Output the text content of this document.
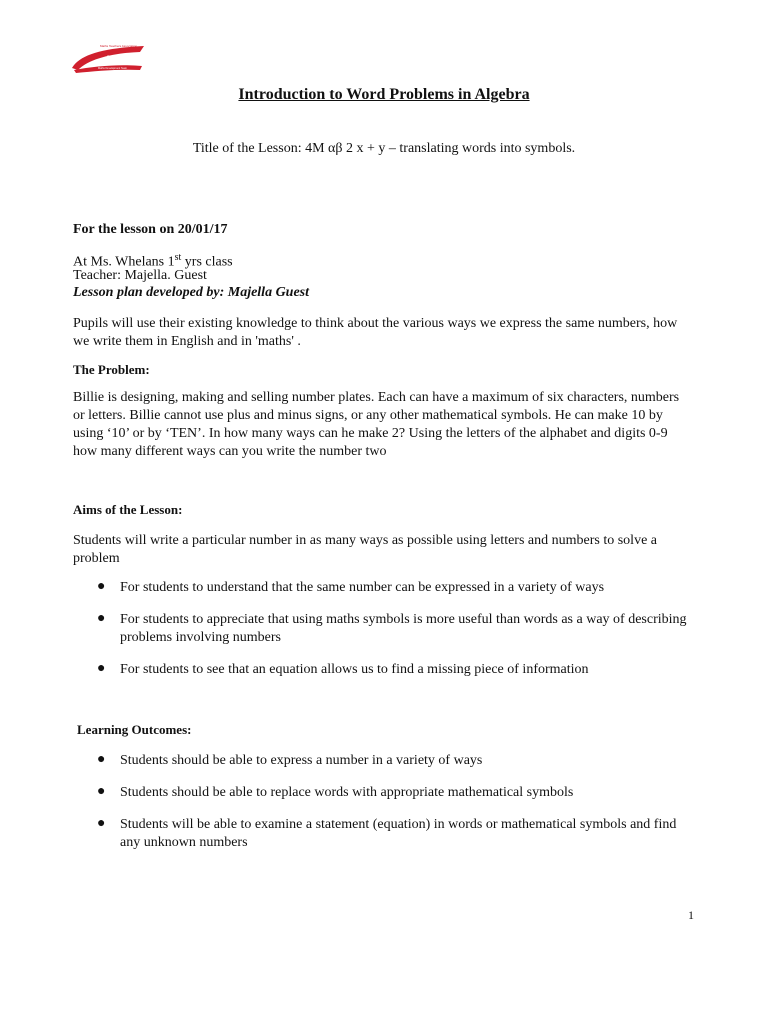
Mata
Maths Teachers Association
Maths Development Team
Introduction to Word Problems in Algebra
Title of the Lesson: 4M αβ 2 x + y – translating words into symbols.

For the lesson on 20/01/17

At Ms. Whelans 1st yrs class

Teacher: Majella. Guest

Lesson plan developed by: Majella Guest

Pupils will use their existing knowledge to think about the various ways we express the same numbers, how we write them in English and in 'maths' .

The Problem:

Billie is designing, making and selling number plates. Each can have a maximum of six characters, numbers or letters. Billie cannot use plus and minus signs, or any other mathematical symbols. He can make 10 by using ‘10’ or by ‘TEN’. In how many ways can he make 2? Using the letters of the alphabet and digits 0-9 how many different ways can you write the number two

Aims of the Lesson:

Students will write a particular number in as many ways as possible using letters and numbers to solve a problem

● For students to understand that the same number can be expressed in a variety of ways

● For students to appreciate that using maths symbols is more useful than words as a way of describing problems involving numbers

● For students to see that an equation allows us to find a missing piece of information

Learning Outcomes:

● Students should be able to express a number in a variety of ways

● Students should be able to replace words with appropriate mathematical symbols

● Students will be able to examine a statement (equation) in words or mathematical symbols and find any unknown numbers

1
